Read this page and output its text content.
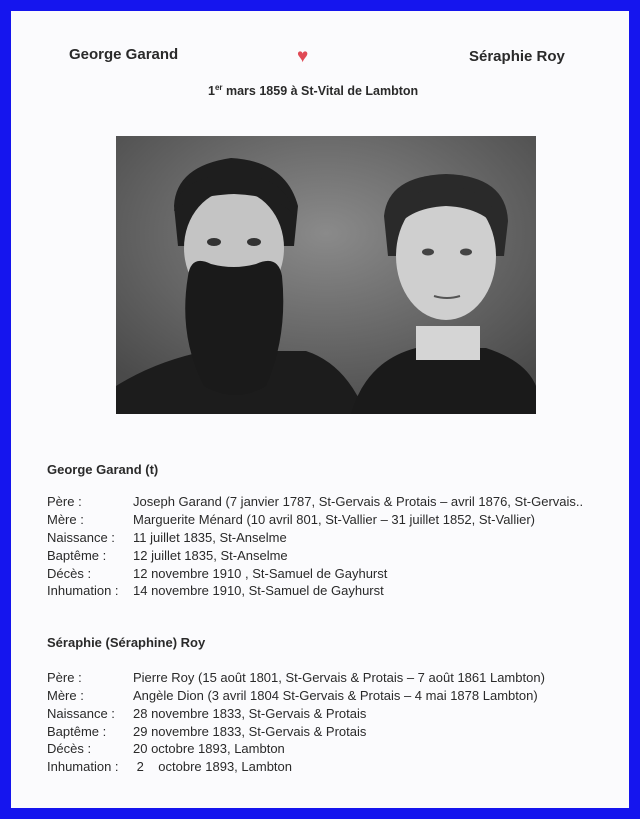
George Garand	♥	Séraphie Roy
1er mars 1859 à St-Vital de Lambton
George Garand (t)
Père :	Joseph Garand (7 janvier 1787, St-Gervais & Protais – avril 1876, St-Gervais..
Mère :	Marguerite Ménard (10 avril 801, St-Vallier – 31 juillet 1852, St-Vallier)
Naissance : 11 juillet 1835, St-Anselme
Baptême : 12 juillet 1835, St-Anselme
Décès :	12 novembre 1910 , St-Samuel de Gayhurst
Inhumation : 14 novembre 1910, St-Samuel de Gayhurst
Séraphie (Séraphine) Roy
Père :	Pierre Roy (15 août 1801, St-Gervais & Protais – 7 août 1861 Lambton)
Mère :	Angèle Dion (3 avril 1804 St-Gervais & Protais – 4 mai 1878 Lambton)
Naissance : 28 novembre 1833, St-Gervais & Protais
Baptême : 29 novembre 1833, St-Gervais & Protais
Décès :	20 octobre 1893, Lambton
Inhumation : 2    octobre 1893, Lambton
